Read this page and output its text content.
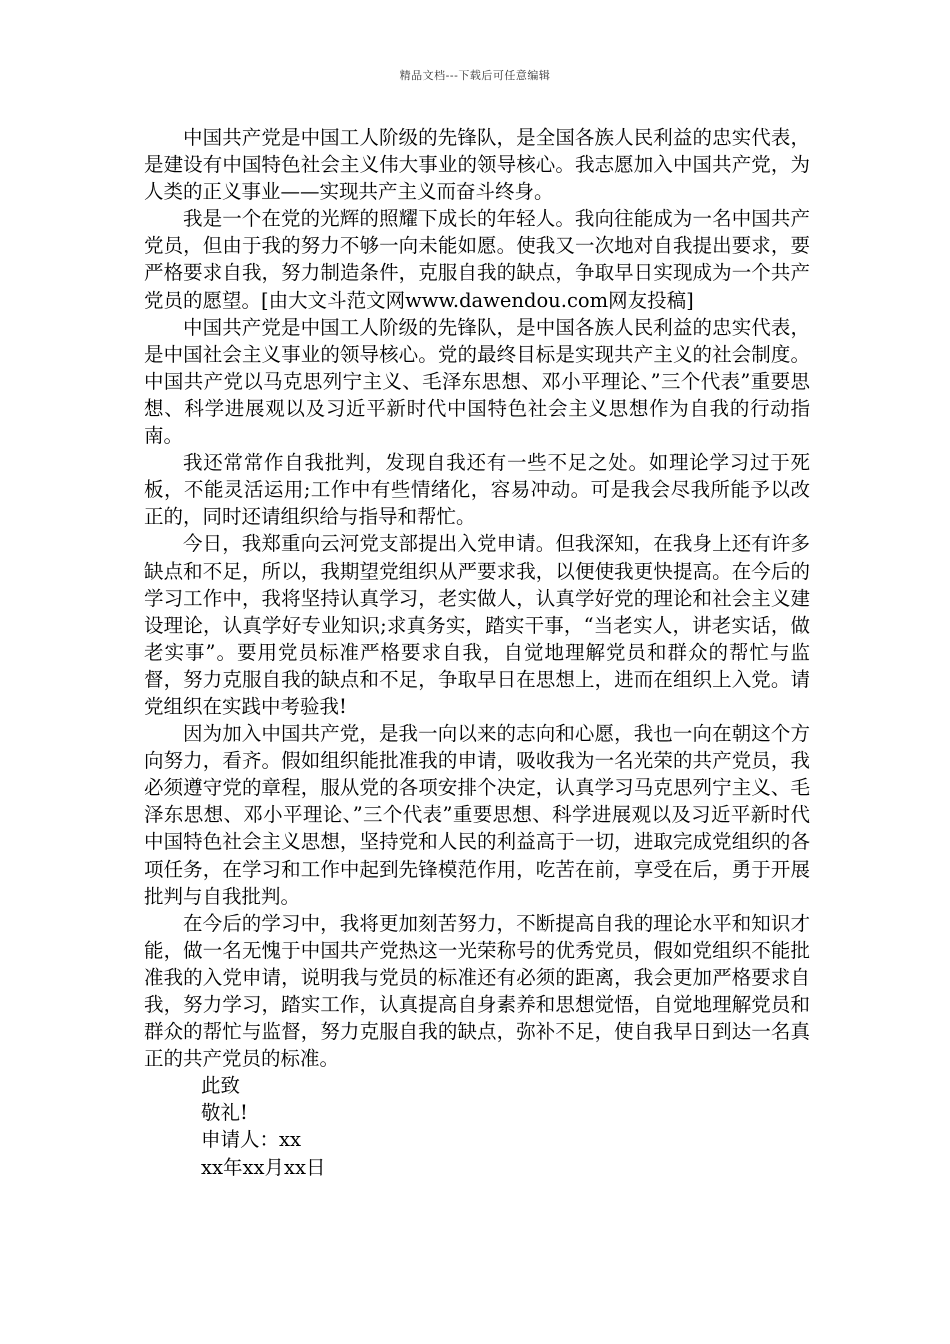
精品文档---下载后可任意编辑

中国共产党是中国工人阶级的先锋队，是全国各族人民利益的忠实代表，是建设有中国特色社会主义伟大事业的领导核心。我志愿加入中国共产党，为人类的正义事业——实现共产主义而奋斗终身。

我是一个在党的光辉的照耀下成长的年轻人。我向往能成为一名中国共产党员，但由于我的努力不够一向未能如愿。使我又一次地对自我提出要求，要严格要求自我，努力制造条件，克服自我的缺点，争取早日实现成为一个共产党员的愿望。[由大文斗范文网www.dawendou.com网友投稿]

中国共产党是中国工人阶级的先锋队，是中国各族人民利益的忠实代表，是中国社会主义事业的领导核心。党的最终目标是实现共产主义的社会制度。中国共产党以马克思列宁主义、毛泽东思想、邓小平理论、”三个代表”重要思想、科学进展观以及习近平新时代中国特色社会主义思想作为自我的行动指南。

我还常常作自我批判，发现自我还有一些不足之处。如理论学习过于死板，不能灵活运用;工作中有些情绪化，容易冲动。可是我会尽我所能予以改正的，同时还请组织给与指导和帮忙。

今日，我郑重向云河党支部提出入党申请。但我深知，在我身上还有许多缺点和不足，所以，我期望党组织从严要求我，以便使我更快提高。在今后的学习工作中，我将坚持认真学习，老实做人，认真学好党的理论和社会主义建设理论，认真学好专业知识;求真务实，踏实干事，“当老实人，讲老实话，做老实事”。要用党员标准严格要求自我，自觉地理解党员和群众的帮忙与监督，努力克服自我的缺点和不足，争取早日在思想上，进而在组织上入党。请党组织在实践中考验我!

因为加入中国共产党，是我一向以来的志向和心愿，我也一向在朝这个方向努力，看齐。假如组织能批准我的申请，吸收我为一名光荣的共产党员，我必须遵守党的章程，服从党的各项安排个决定，认真学习马克思列宁主义、毛泽东思想、邓小平理论、”三个代表”重要思想、科学进展观以及习近平新时代中国特色社会主义思想，坚持党和人民的利益高于一切，进取完成党组织的各项任务，在学习和工作中起到先锋模范作用，吃苦在前，享受在后，勇于开展批判与自我批判。

在今后的学习中，我将更加刻苦努力，不断提高自我的理论水平和知识才能，做一名无愧于中国共产党热这一光荣称号的优秀党员，假如党组织不能批准我的入党申请，说明我与党员的标准还有必须的距离，我会更加严格要求自我，努力学习，踏实工作，认真提高自身素养和思想觉悟，自觉地理解党员和群众的帮忙与监督，努力克服自我的缺点，弥补不足，使自我早日到达一名真正的共产党员的标准。

此致
敬礼!
申请人：xx
xx年xx月xx日
